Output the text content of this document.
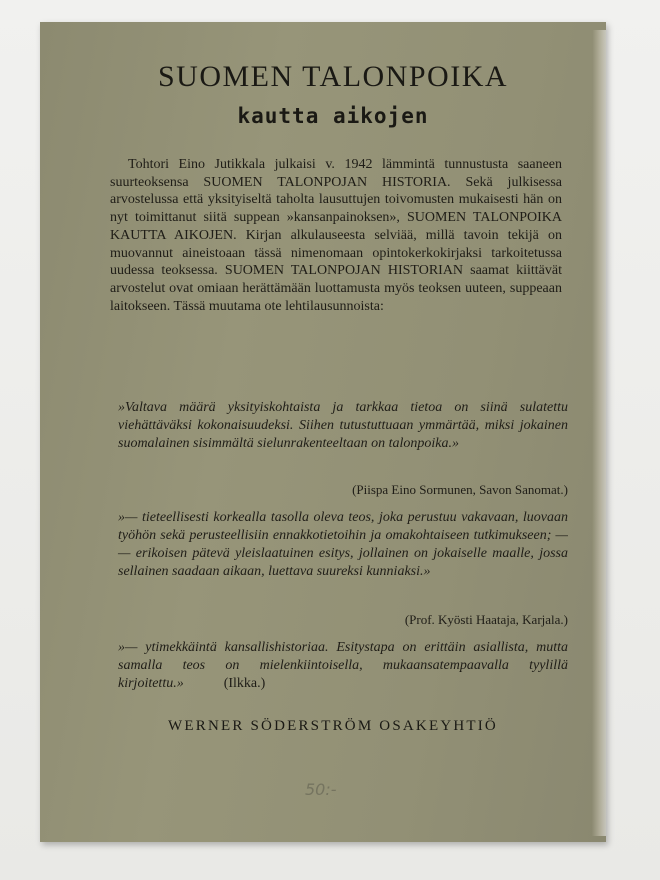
SUOMEN TALONPOIKA
kautta aikojen
Tohtori Eino Jutikkala julkaisi v. 1942 lämmintä tunnustusta saaneen suurteoksensa SUOMEN TALONPOJAN HISTORIA. Sekä julkisessa arvostelussa että yksityiseltä taholta lausuttujen toivomusten mukaisesti hän on nyt toimittanut siitä suppean »kansanpainoksen», SUOMEN TALONPOIKA KAUTTA AIKOJEN. Kirjan alkulauseesta selviää, millä tavoin tekijä on muovannut aineistoaan tässä nimenomaan opintokerkokirjaksi tarkoitetussa uudessa teoksessa. SUOMEN TALONPOJAN HISTORIAN saamat kiittävät arvostelut ovat omiaan herättämään luottamusta myös teoksen uuteen, suppeaan laitokseen. Tässä muutama ote lehtilausunnoista:
»Valtava määrä yksityiskohtaista ja tarkkaa tietoa on siinä sulatettu viehättäväksi kokonaisuudeksi. Siihen tutustuttuaan ymmärtää, miksi jokainen suomalainen sisimmältä sielunrakenteeltaan on talonpoika.»
(Piispa Eino Sormunen, Savon Sanomat.)
»— tieteellisesti korkealla tasolla oleva teos, joka perustuu vakavaan, luovaan työhön sekä perusteellisiin ennakkotietoihin ja omakohtaiseen tutkimukseen; — — erikoisen pätevä yleislaatuinen esitys, jollainen on jokaiselle maalle, jossa sellainen saadaan aikaan, luettava suureksi kunniaksi.»
(Prof. Kyösti Haataja, Karjala.)
»— ytimekkäintä kansallishistoriaa. Esitystapa on erittäin asiallista, mutta samalla teos on mielenkiintoisella, mukaansatempaavalla tyylillä kirjoitettu.»	(Ilkka.)
WERNER SÖDERSTRÖM OSAKEYHTIÖ
50:-
